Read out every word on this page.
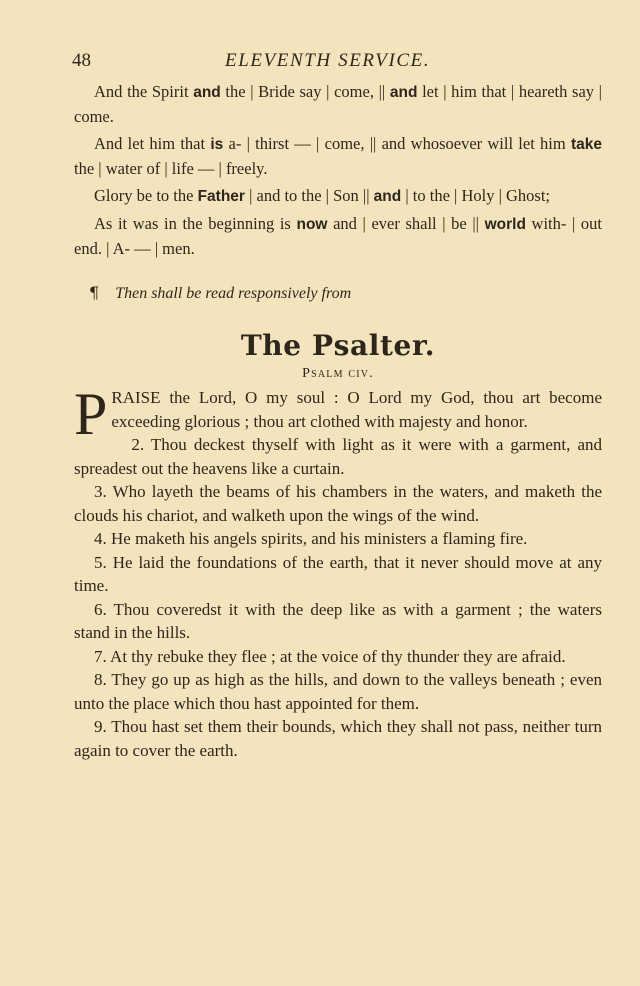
48	ELEVENTH SERVICE.

And the Spirit and the | Bride say | come, || and let | him that | heareth say | come.

And let him that is a- | thirst — | come, || and whosoever will let him take the | water of | life — | freely.

Glory be to the Father | and to the | Son || and | to the | Holy | Ghost;

As it was in the beginning is now and | ever shall | be || world with- | out end. | A- — | men.

¶ Then shall be read responsively from
The Psalter.
Psalm civ.

PRAISE the Lord, O my soul : O Lord my God, thou art become exceeding glorious ; thou art clothed with majesty and honor.

2. Thou deckest thyself with light as it were with a garment, and spreadest out the heavens like a curtain.

3. Who layeth the beams of his chambers in the waters, and maketh the clouds his chariot, and walketh upon the wings of the wind.

4. He maketh his angels spirits, and his ministers a flaming fire.

5. He laid the foundations of the earth, that it never should move at any time.

6. Thou coveredst it with the deep like as with a garment ; the waters stand in the hills.

7. At thy rebuke they flee ; at the voice of thy thunder they are afraid.

8. They go up as high as the hills, and down to the valleys beneath ; even unto the place which thou hast appointed for them.

9. Thou hast set them their bounds, which they shall not pass, neither turn again to cover the earth.
